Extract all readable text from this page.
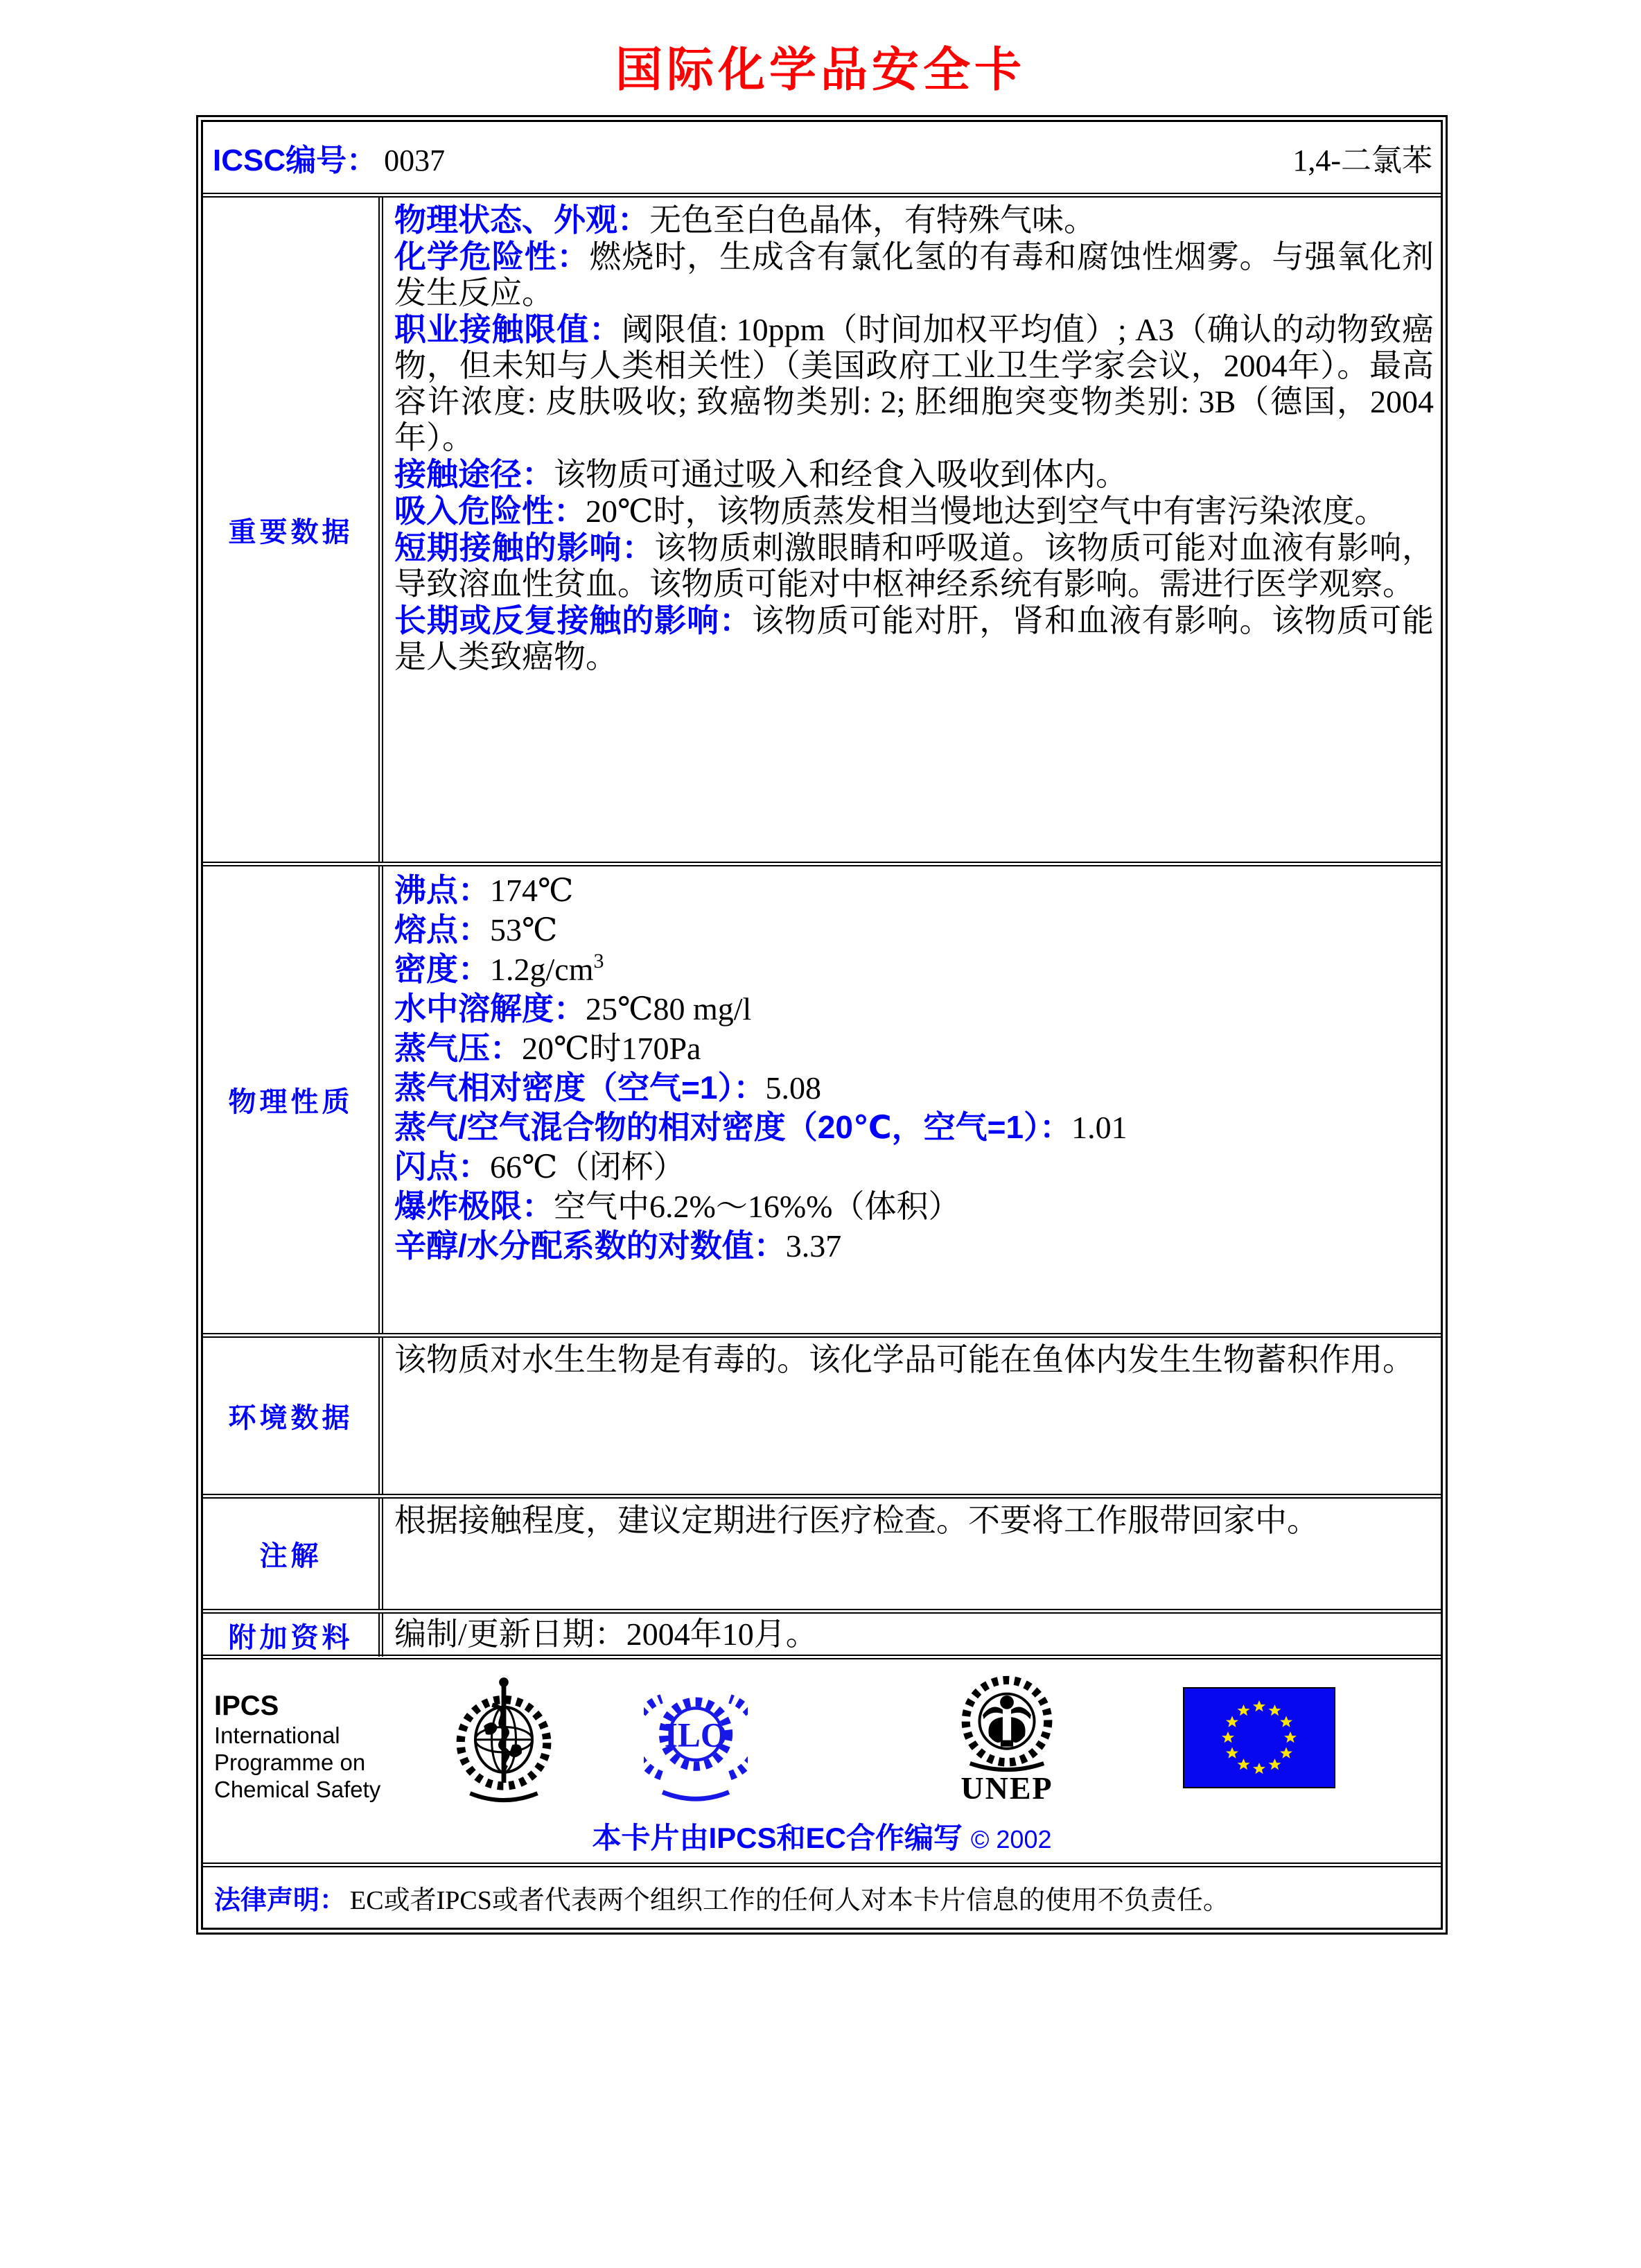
国际化学品安全卡
ICSC编号： 0037	1,4-二氯苯
重要数据
物理状态、外观：无色至白色晶体，有特殊气味。
化学危险性：燃烧时，生成含有氯化氢的有毒和腐蚀性烟雾。与强氧化剂发生反应。
职业接触限值：阈限值: 10ppm（时间加权平均值）; A3（确认的动物致癌物，但未知与人类相关性）（美国政府工业卫生学家会议，2004年）。最高容许浓度: 皮肤吸收; 致癌物类别: 2; 胚细胞突变物类别: 3B（德国，2004年）。
接触途径：该物质可通过吸入和经食入吸收到体内。
吸入危险性：20℃时，该物质蒸发相当慢地达到空气中有害污染浓度。
短期接触的影响：该物质刺激眼睛和呼吸道。该物质可能对血液有影响，导致溶血性贫血。该物质可能对中枢神经系统有影响。需进行医学观察。
长期或反复接触的影响：该物质可能对肝，肾和血液有影响。该物质可能是人类致癌物。
物理性质
沸点：174℃
熔点：53℃
密度：$1.2g/cm^3$
水中溶解度：25℃80 mg/l
蒸气压：20℃时170Pa
蒸气相对密度（空气=1）：5.08
蒸气/空气混合物的相对密度（20℃，空气=1）：1.01
闪点：66℃（闭杯）
爆炸极限：空气中6.2%～16%%（体积）
辛醇/水分配系数的对数值：3.37
环境数据
该物质对水生生物是有毒的。该化学品可能在鱼体内发生生物蓄积作用。
注解
根据接触程度，建议定期进行医疗检查。不要将工作服带回家中。
附加资料	编制/更新日期：2004年10月。
IPCS
International
Programme on
Chemical Safety
ILO
UNEP
本卡片由IPCS和EC合作编写 © 2002
法律声明： EC或者IPCS或者代表两个组织工作的任何人对本卡片信息的使用不负责任。
